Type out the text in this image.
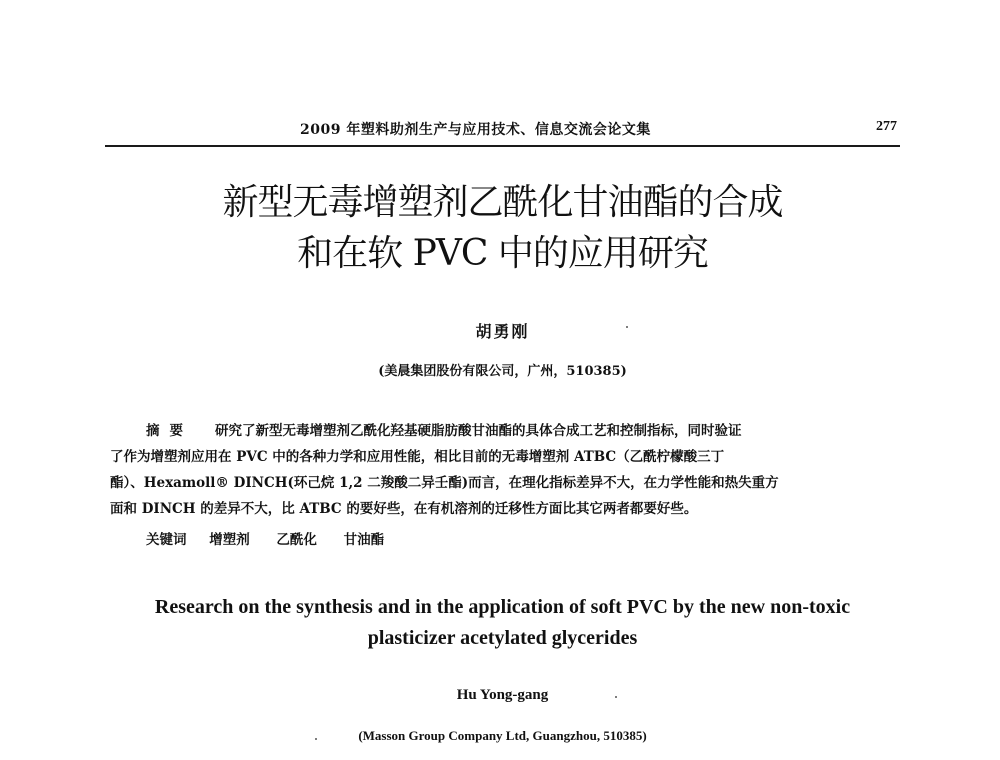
2009 年塑料助剂生产与应用技术、信息交流会论文集	277
新型无毒增塑剂乙酰化甘油酯的合成
和在软 PVC 中的应用研究
胡勇刚
(美晨集团股份有限公司，广州，510385)
摘要 研究了新型无毒增塑剂乙酰化羟基硬脂肪酸甘油酯的具体合成工艺和控制指标，同时验证
了作为增塑剂应用在 PVC 中的各种力学和应用性能，相比目前的无毒增塑剂 ATBC（乙酰柠檬酸三丁
酯）、Hexamoll® DINCH(环己烷 1,2 二羧酸二异壬酯)而言，在理化指标差异不大，在力学性能和热失重方
面和 DINCH 的差异不大，比 ATBC 的要好些，在有机溶剂的迁移性方面比其它两者都要好些。
关键词 增塑剂 乙酰化 甘油酯
Research on the synthesis and in the application of soft PVC by the new non-toxic
plasticizer acetylated glycerides
Hu Yong-gang
(Masson Group Company Ltd, Guangzhou, 510385)
